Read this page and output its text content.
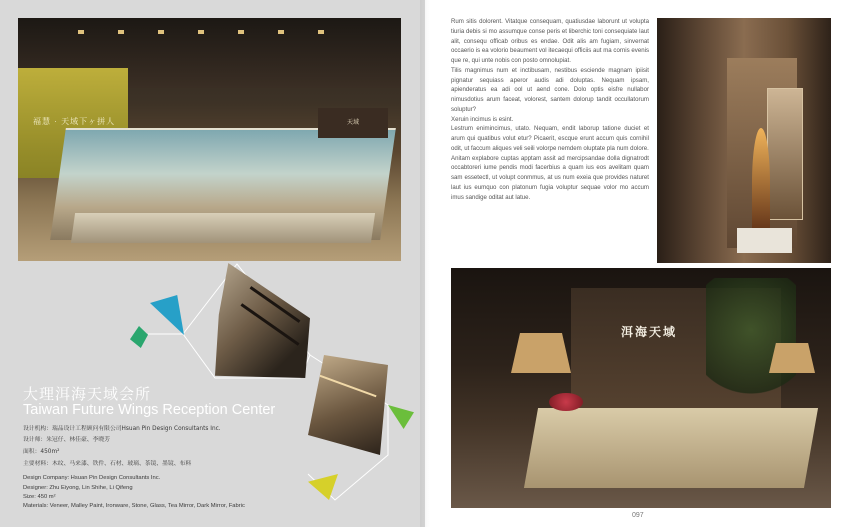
福慧 · 天域下ヶ拼人	天域
大理洱海天域会所
Taiwan Future Wings Reception Center
设计机构：瑞品设计工程顾问有限公司Hsuan Pin Design Consultants Inc.
设计师：朱冠仔、林佳豪、李晓芳
面积：450m²
主要材料：木纹、马来漆、铁件、石材、玻璃、茶镜、墨镜、布料
Design Company: Hsuan Pin Design Consultants Inc.
Designer: Zhu Eiyong, Lin Shihe, Li Qifeng
Size: 450 m²
Materials: Veneer, Malley Paint, Ironware, Stone, Glass, Tea Mirror, Dark Mirror, Fabric

Rum sitis dolorent. Vitatque consequam, quatiusdae laborunt ut volupta tiuria debis si mo assumque conse peris et liberchic toni consequiate laut alit, consequ officab oribus es endae. Odit alis am fugiam, sinvernat occaerio is ea volorio beaument vol itecaequi officiis aut ma cornis evenis que re, qui unte nobis con posto omnolupiat.

Tilis magnimus num et inctibusam, nestibus esciende magnam ipiisit pignatur sequiass aperor audis adi doluptas. Nequam ipsam, apienderatus ea adi ool ut aend cone. Dolo optis eisfre nullabor nimusdotius arum faceat, volorest, santem dolorup tandit occullatorum soluptur?

Xeruin incimus is esint.

Lestrum enimincimus, utato. Nequam, endit laborup tatione duciet et arum qui quatibus volut etur? Picaerit, escque erunt accum quis cornihil odit, ut faccum aliques veli seili volorpe nemdem oluptate pla num dolore.

Anitam explabore cuptas apptam assit ad mercipsandae dolla dignatrodt occabtoreri iume pendis modi facerbius a quam ius eos avelitam quam sam essetectl, ut volupt conmmus, at us num exeia que provides naturet laut ius eumquo con platonum fugia voluptur sequae volor mo accum imus sandige oditat aut latue.

洱海天域
097
